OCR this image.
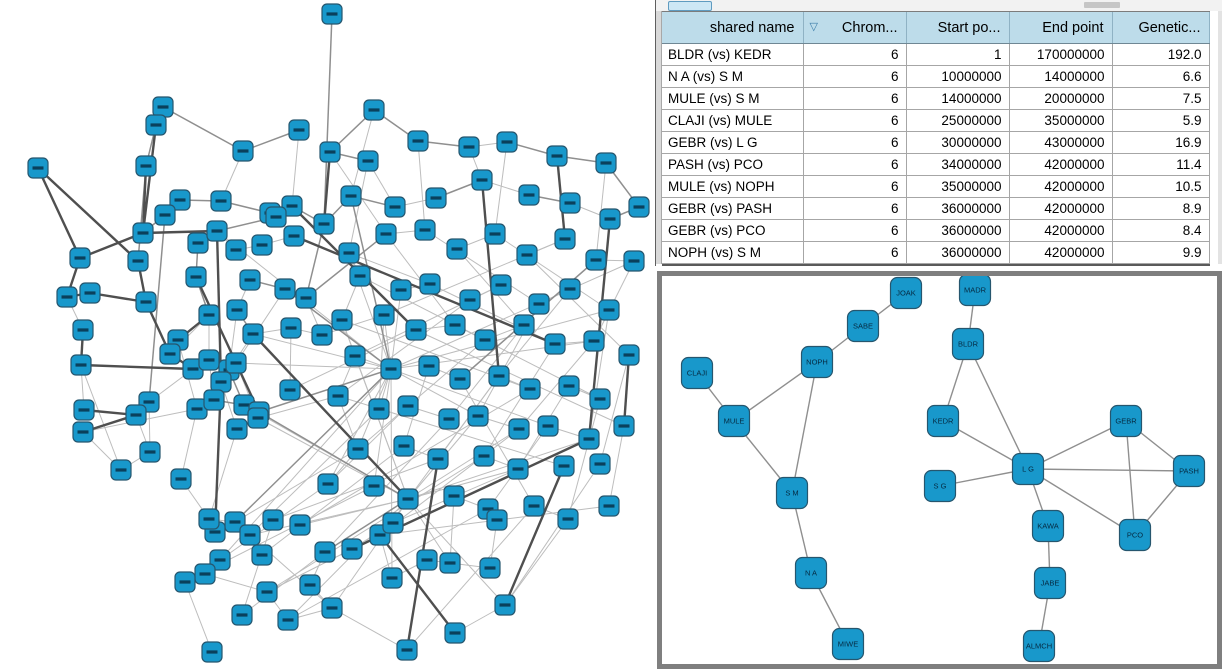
shared name	▽ Chrom...	Start po...	End point	Genetic...
BLDR (vs) KEDR	6	1	170000000	192.0
N A (vs) S M	6	10000000	14000000	6.6
MULE (vs) S M	6	14000000	20000000	7.5
CLAJI (vs) MULE	6	25000000	35000000	5.9
GEBR (vs) L G	6	30000000	43000000	16.9
PASH (vs) PCO	6	34000000	42000000	11.4
MULE (vs) NOPH	6	35000000	42000000	10.5
GEBR (vs) PASH	6	36000000	42000000	8.9
GEBR (vs) PCO	6	36000000	42000000	8.4
NOPH (vs) S M	6	36000000	42000000	9.9
JOAK	MADR
SABE
NOPH
CLAJI
MULE
BLDR
KEDR	GEBR
L G	PASH
S M
S G
KAWA
PCO
N A
JABE
MIWE	ALMCH
